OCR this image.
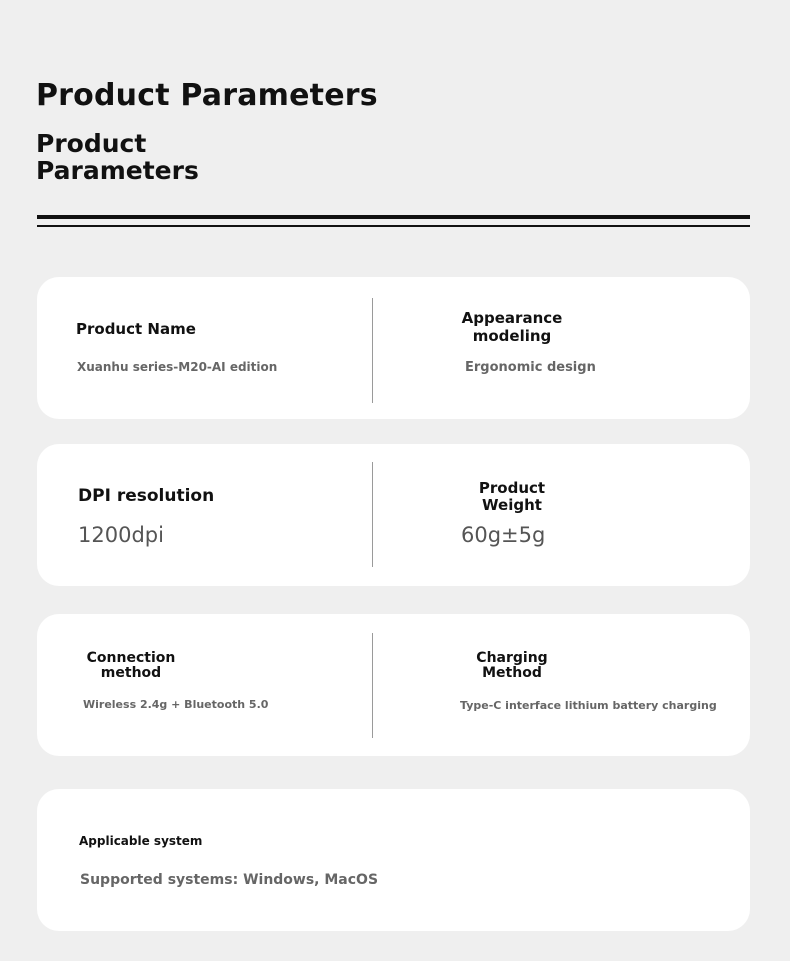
Product Parameters
Product Parameters
Product Name
Xuanhu series-M20-AI edition
Appearance modeling
Ergonomic design
DPI resolution
1200dpi
Product Weight
60g±5g
Connection method
Wireless 2.4g + Bluetooth 5.0
Charging Method
Type-C interface lithium battery charging
Applicable system
Supported systems: Windows, MacOS
